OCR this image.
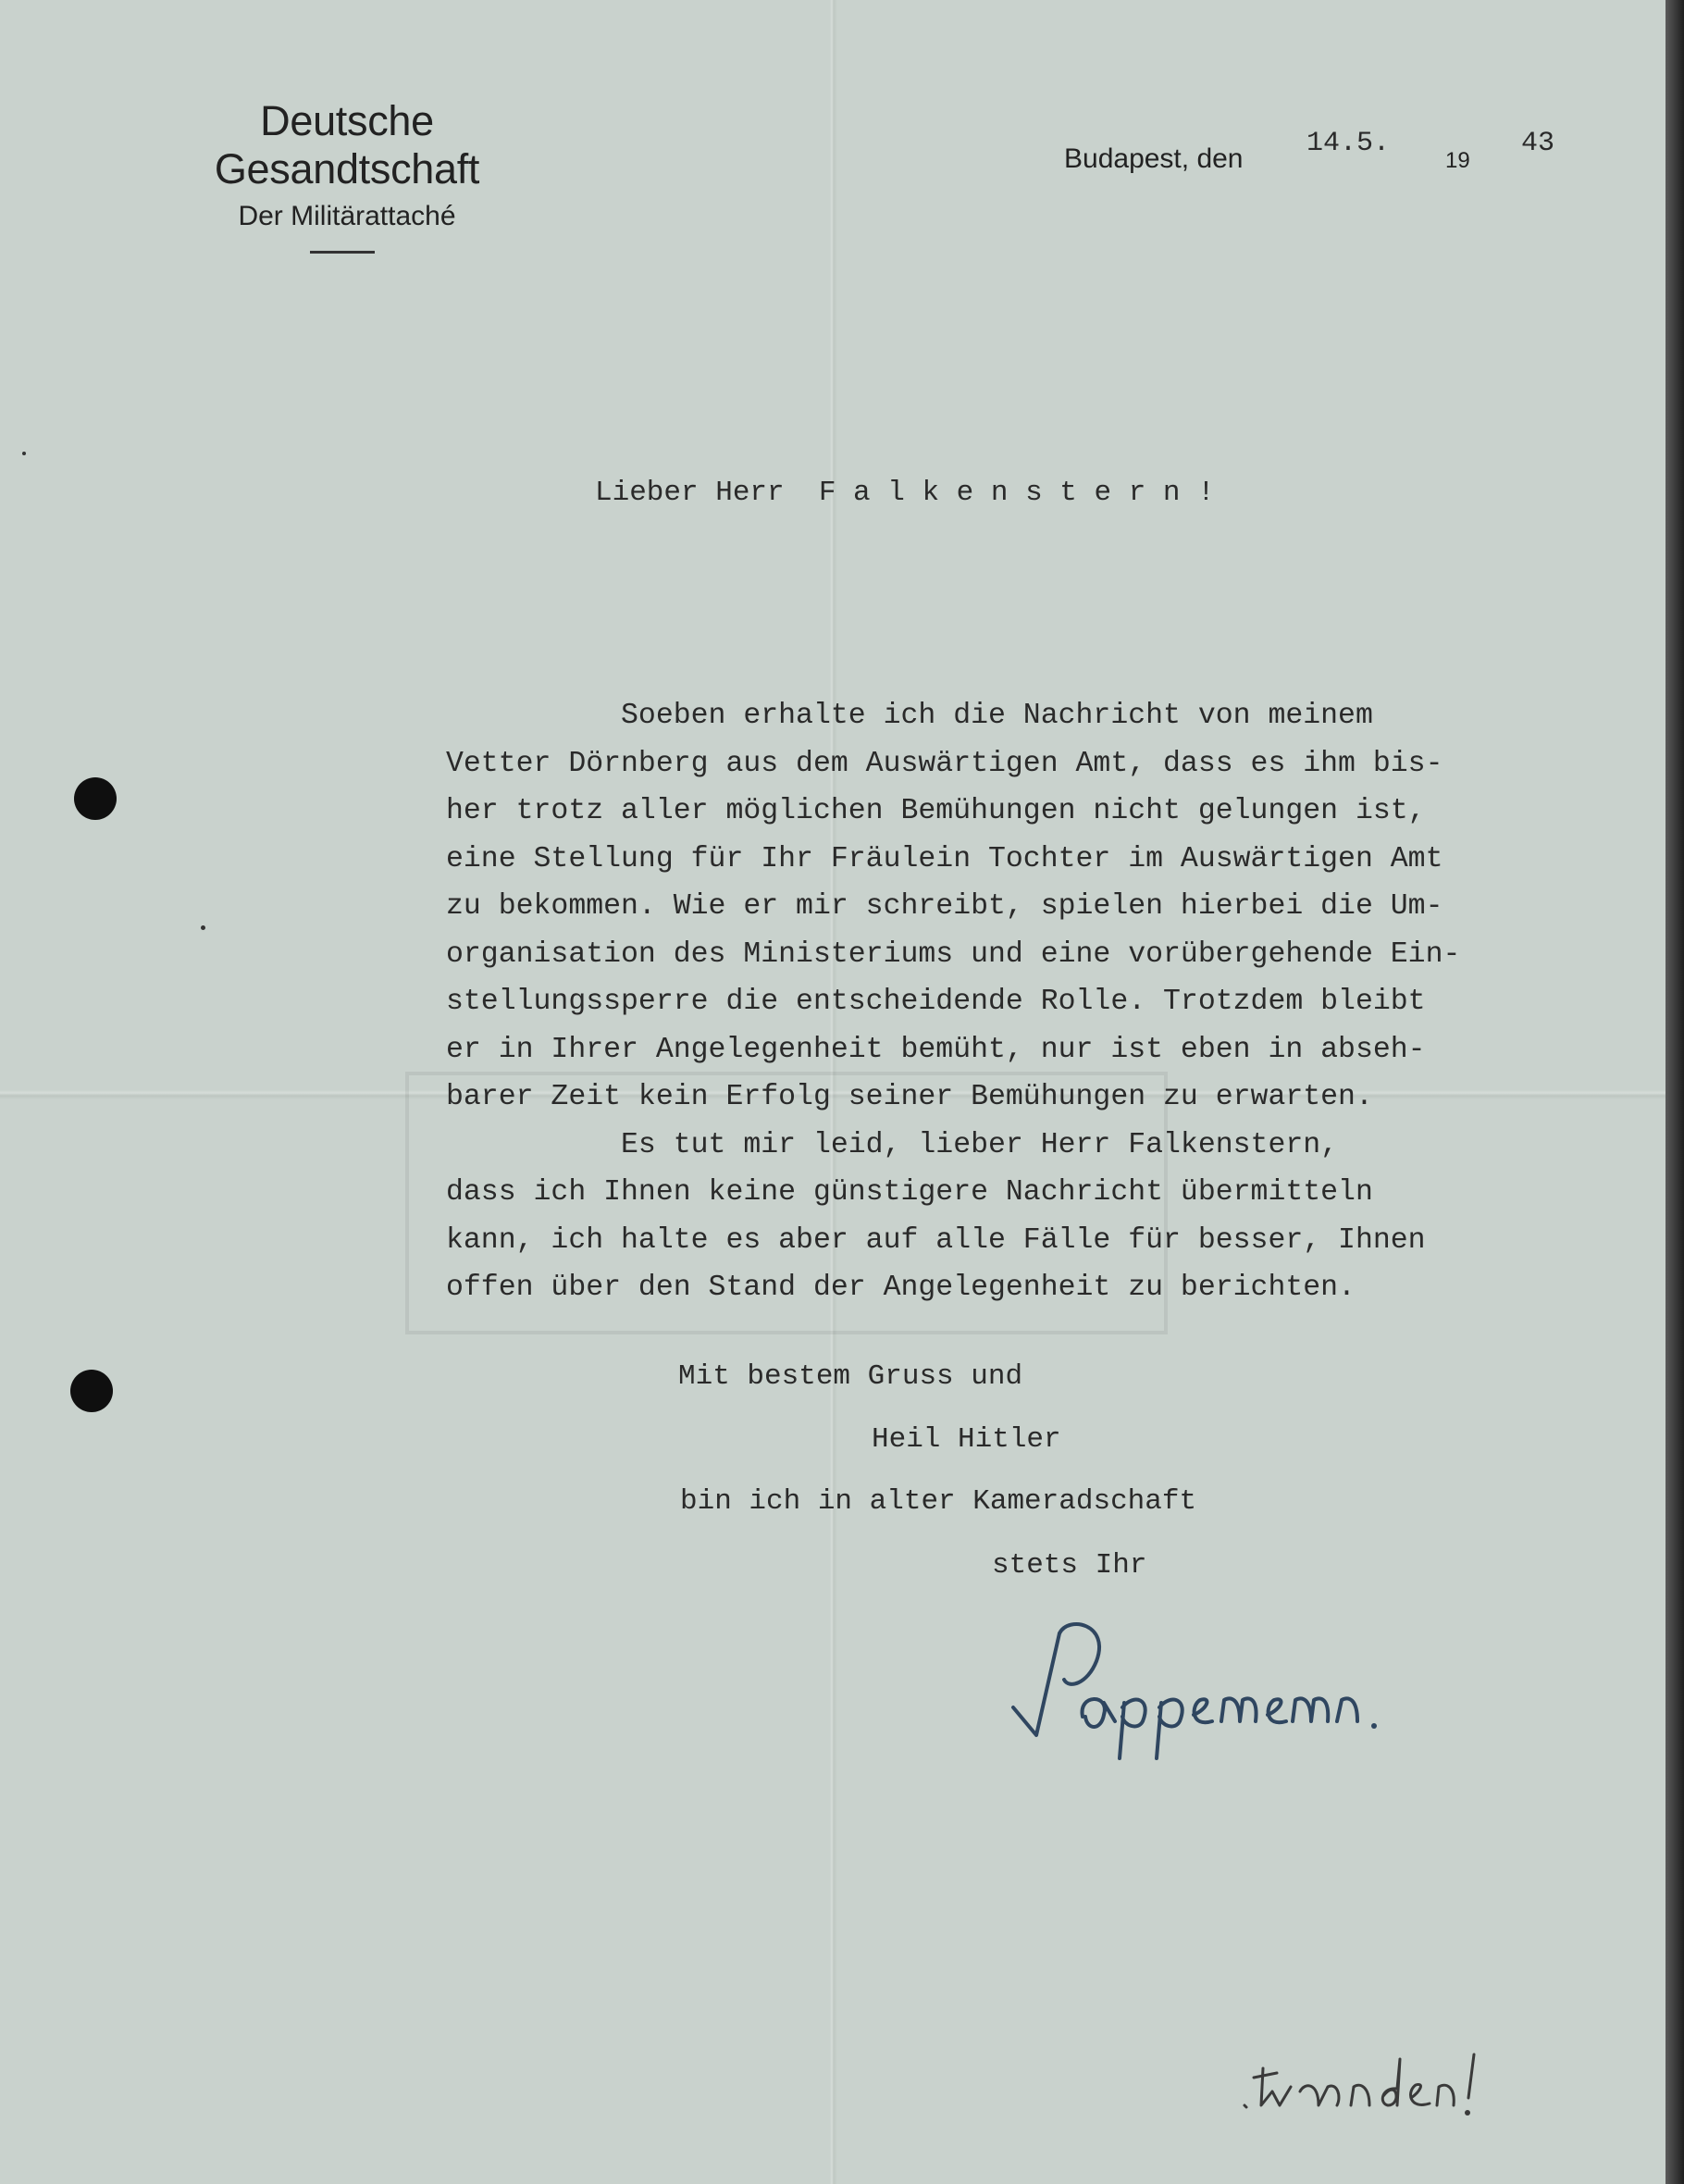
Deutsche Gesandtschaft
Der Militärattaché
Budapest, den 14.5.
19
43
Lieber Herr  F a l k e n s t e r n !
Soeben erhalte ich die Nachricht von meinem
Vetter Dörnberg aus dem Auswärtigen Amt, dass es ihm bis-
her trotz aller möglichen Bemühungen nicht gelungen ist,
eine Stellung für Ihr Fräulein Tochter im Auswärtigen Amt
zu bekommen. Wie er mir schreibt, spielen hierbei die Um-
organisation des Ministeriums und eine vorübergehende Ein-
stellungssperre die entscheidende Rolle. Trotzdem bleibt
er in Ihrer Angelegenheit bemüht, nur ist eben in abseh-
barer Zeit kein Erfolg seiner Bemühungen zu erwarten.
Es tut mir leid, lieber Herr Falkenstern,
dass ich Ihnen keine günstigere Nachricht übermitteln
kann, ich halte es aber auf alle Fälle für besser, Ihnen
offen über den Stand der Angelegenheit zu berichten.
Mit bestem Gruss und
Heil Hitler
bin ich in alter Kameradschaft
stets Ihr
